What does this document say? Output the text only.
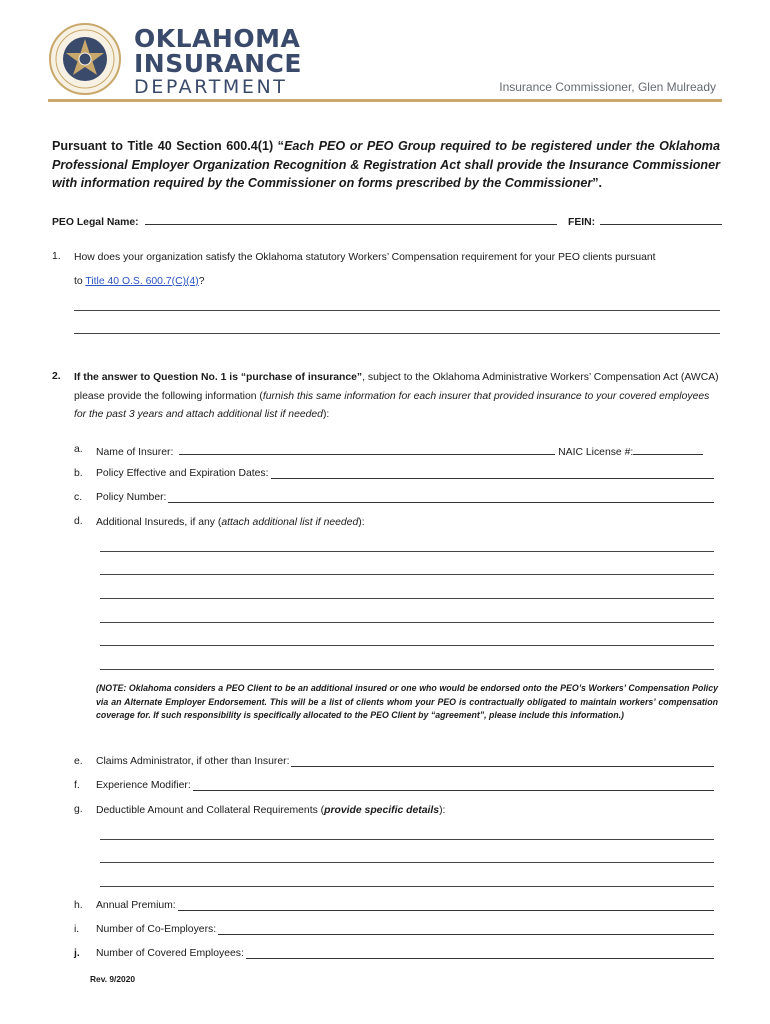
OKLAHOMA
INSURANCE
DEPARTMENT	Insurance Commissioner, Glen Mulready
Pursuant to Title 40 Section 600.4(1) “Each PEO or PEO Group required to be registered under the Oklahoma Professional Employer Organization Recognition & Registration Act shall provide the Insurance Commissioner with information required by the Commissioner on forms prescribed by the Commissioner”.
PEO Legal Name:	FEIN:
1. How does your organization satisfy the Oklahoma statutory Workers’ Compensation requirement for your PEO clients pursuant
to Title 40 O.S. 600.7(C)(4)?
2. If the answer to Question No. 1 is “purchase of insurance”, subject to the Oklahoma Administrative Workers’ Compensation Act (AWCA) please provide the following information (furnish this same information for each insurer that provided insurance to your covered employees for the past 3 years and attach additional list if needed):
a. Name of Insurer:	NAIC License #:
b. Policy Effective and Expiration Dates:
c. Policy Number:
d. Additional Insureds, if any (attach additional list if needed):
(NOTE: Oklahoma considers a PEO Client to be an additional insured or one who would be endorsed onto the PEO’s Workers’ Compensation Policy via an Alternate Employer Endorsement. This will be a list of clients whom your PEO is contractually obligated to maintain workers’ compensation coverage for. If such responsibility is specifically allocated to the PEO Client by “agreement”, please include this information.)
e. Claims Administrator, if other than Insurer:
f. Experience Modifier:
g. Deductible Amount and Collateral Requirements (provide specific details):
h. Annual Premium:
i. Number of Co-Employers:
j. Number of Covered Employees:
Rev. 9/2020
